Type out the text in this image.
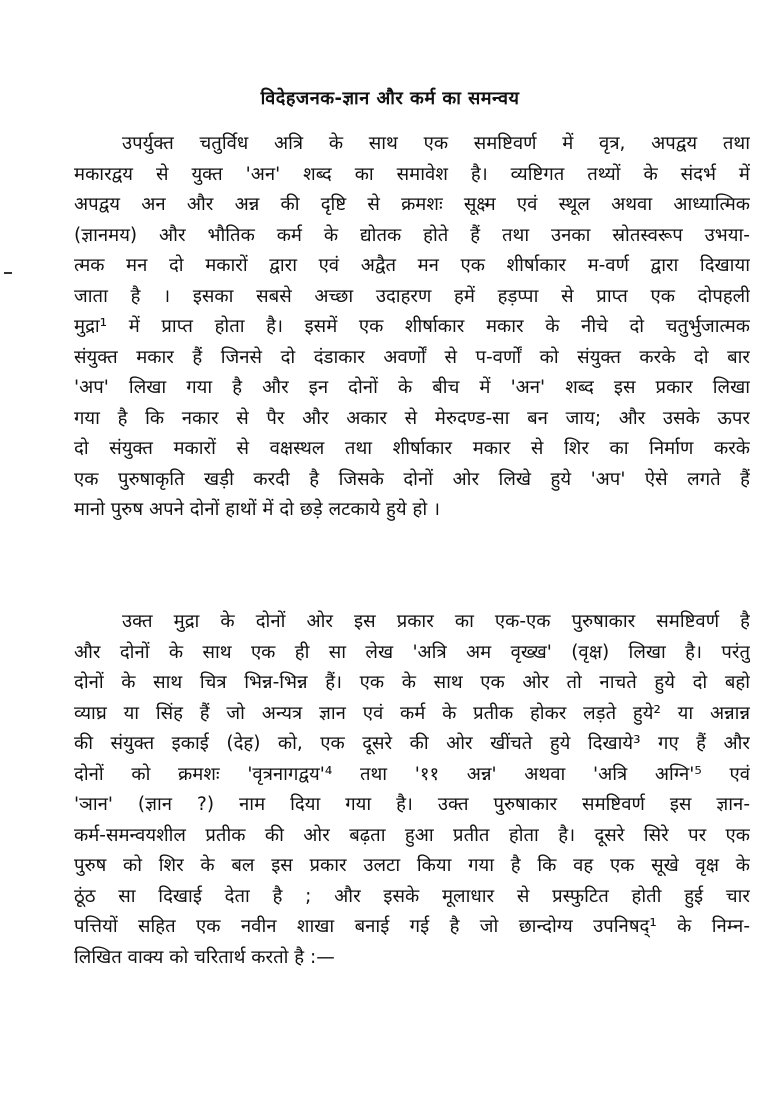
विदेहजनक-ज्ञान और कर्म का समन्वय
उपर्युक्त चतुर्विध अत्रि के साथ एक समष्टिवर्ण में वृत्र, अपद्वय तथा
मकारद्वय से युक्त 'अन' शब्द का समावेश है। व्यष्टिगत तथ्यों के संदर्भ में
अपद्वय अन और अन्न की दृष्टि से क्रमशः सूक्ष्म एवं स्थूल अथवा आध्यात्मिक
(ज्ञानमय) और भौतिक कर्म के द्योतक होते हैं तथा उनका स्रोतस्वरूप उभया-
त्मक मन दो मकारों द्वारा एवं अद्वैत मन एक शीर्षाकार म-वर्ण द्वारा दिखाया
जाता है । इसका सबसे अच्छा उदाहरण हमें हड़प्पा से प्राप्त एक दोपहली
मुद्रा¹ में प्राप्त होता है। इसमें एक शीर्षाकार मकार के नीचे दो चतुर्भुजात्मक
संयुक्त मकार हैं जिनसे दो दंडाकार अवर्णों से प-वर्णों को संयुक्त करके दो बार
'अप' लिखा गया है और इन दोनों के बीच में 'अन' शब्द इस प्रकार लिखा
गया है कि नकार से पैर और अकार से मेरुदण्ड-सा बन जाय; और उसके ऊपर
दो संयुक्त मकारों से वक्षस्थल तथा शीर्षाकार मकार से शिर का निर्माण करके
एक पुरुषाकृति खड़ी करदी है जिसके दोनों ओर लिखे हुये 'अप' ऐसे लगते हैं
मानो पुरुष अपने दोनों हाथों में दो छड़े लटकाये हुये हो ।
उक्त मुद्रा के दोनों ओर इस प्रकार का एक-एक पुरुषाकार समष्टिवर्ण है
और दोनों के साथ एक ही सा लेख 'अत्रि अम वृख्ख' (वृक्ष) लिखा है। परंतु
दोनों के साथ चित्र भिन्न-भिन्न हैं। एक के साथ एक ओर तो नाचते हुये दो बहो
व्याघ्र या सिंह हैं जो अन्यत्र ज्ञान एवं कर्म के प्रतीक होकर लड़ते हुये² या अन्नान्न
की संयुक्त इकाई (देह) को, एक दूसरे की ओर खींचते हुये दिखाये³ गए हैं और
दोनों को क्रमशः 'वृत्रनागद्वय'⁴ तथा '११ अन्न' अथवा 'अत्रि अग्नि'⁵ एवं
'ञान' (ज्ञान ?) नाम दिया गया है। उक्त पुरुषाकार समष्टिवर्ण इस ज्ञान-
कर्म-समन्वयशील प्रतीक की ओर बढ़ता हुआ प्रतीत होता है। दूसरे सिरे पर एक
पुरुष को शिर के बल इस प्रकार उलटा किया गया है कि वह एक सूखे वृक्ष के
ठूंठ सा दिखाई देता है ; और इसके मूलाधार से प्रस्फुटित होती हुई चार
पत्तियों सहित एक नवीन शाखा बनाई गई है जो छान्दोग्य उपनिषद्¹ के निम्न-
लिखित वाक्य को चरितार्थ करतो है :—
